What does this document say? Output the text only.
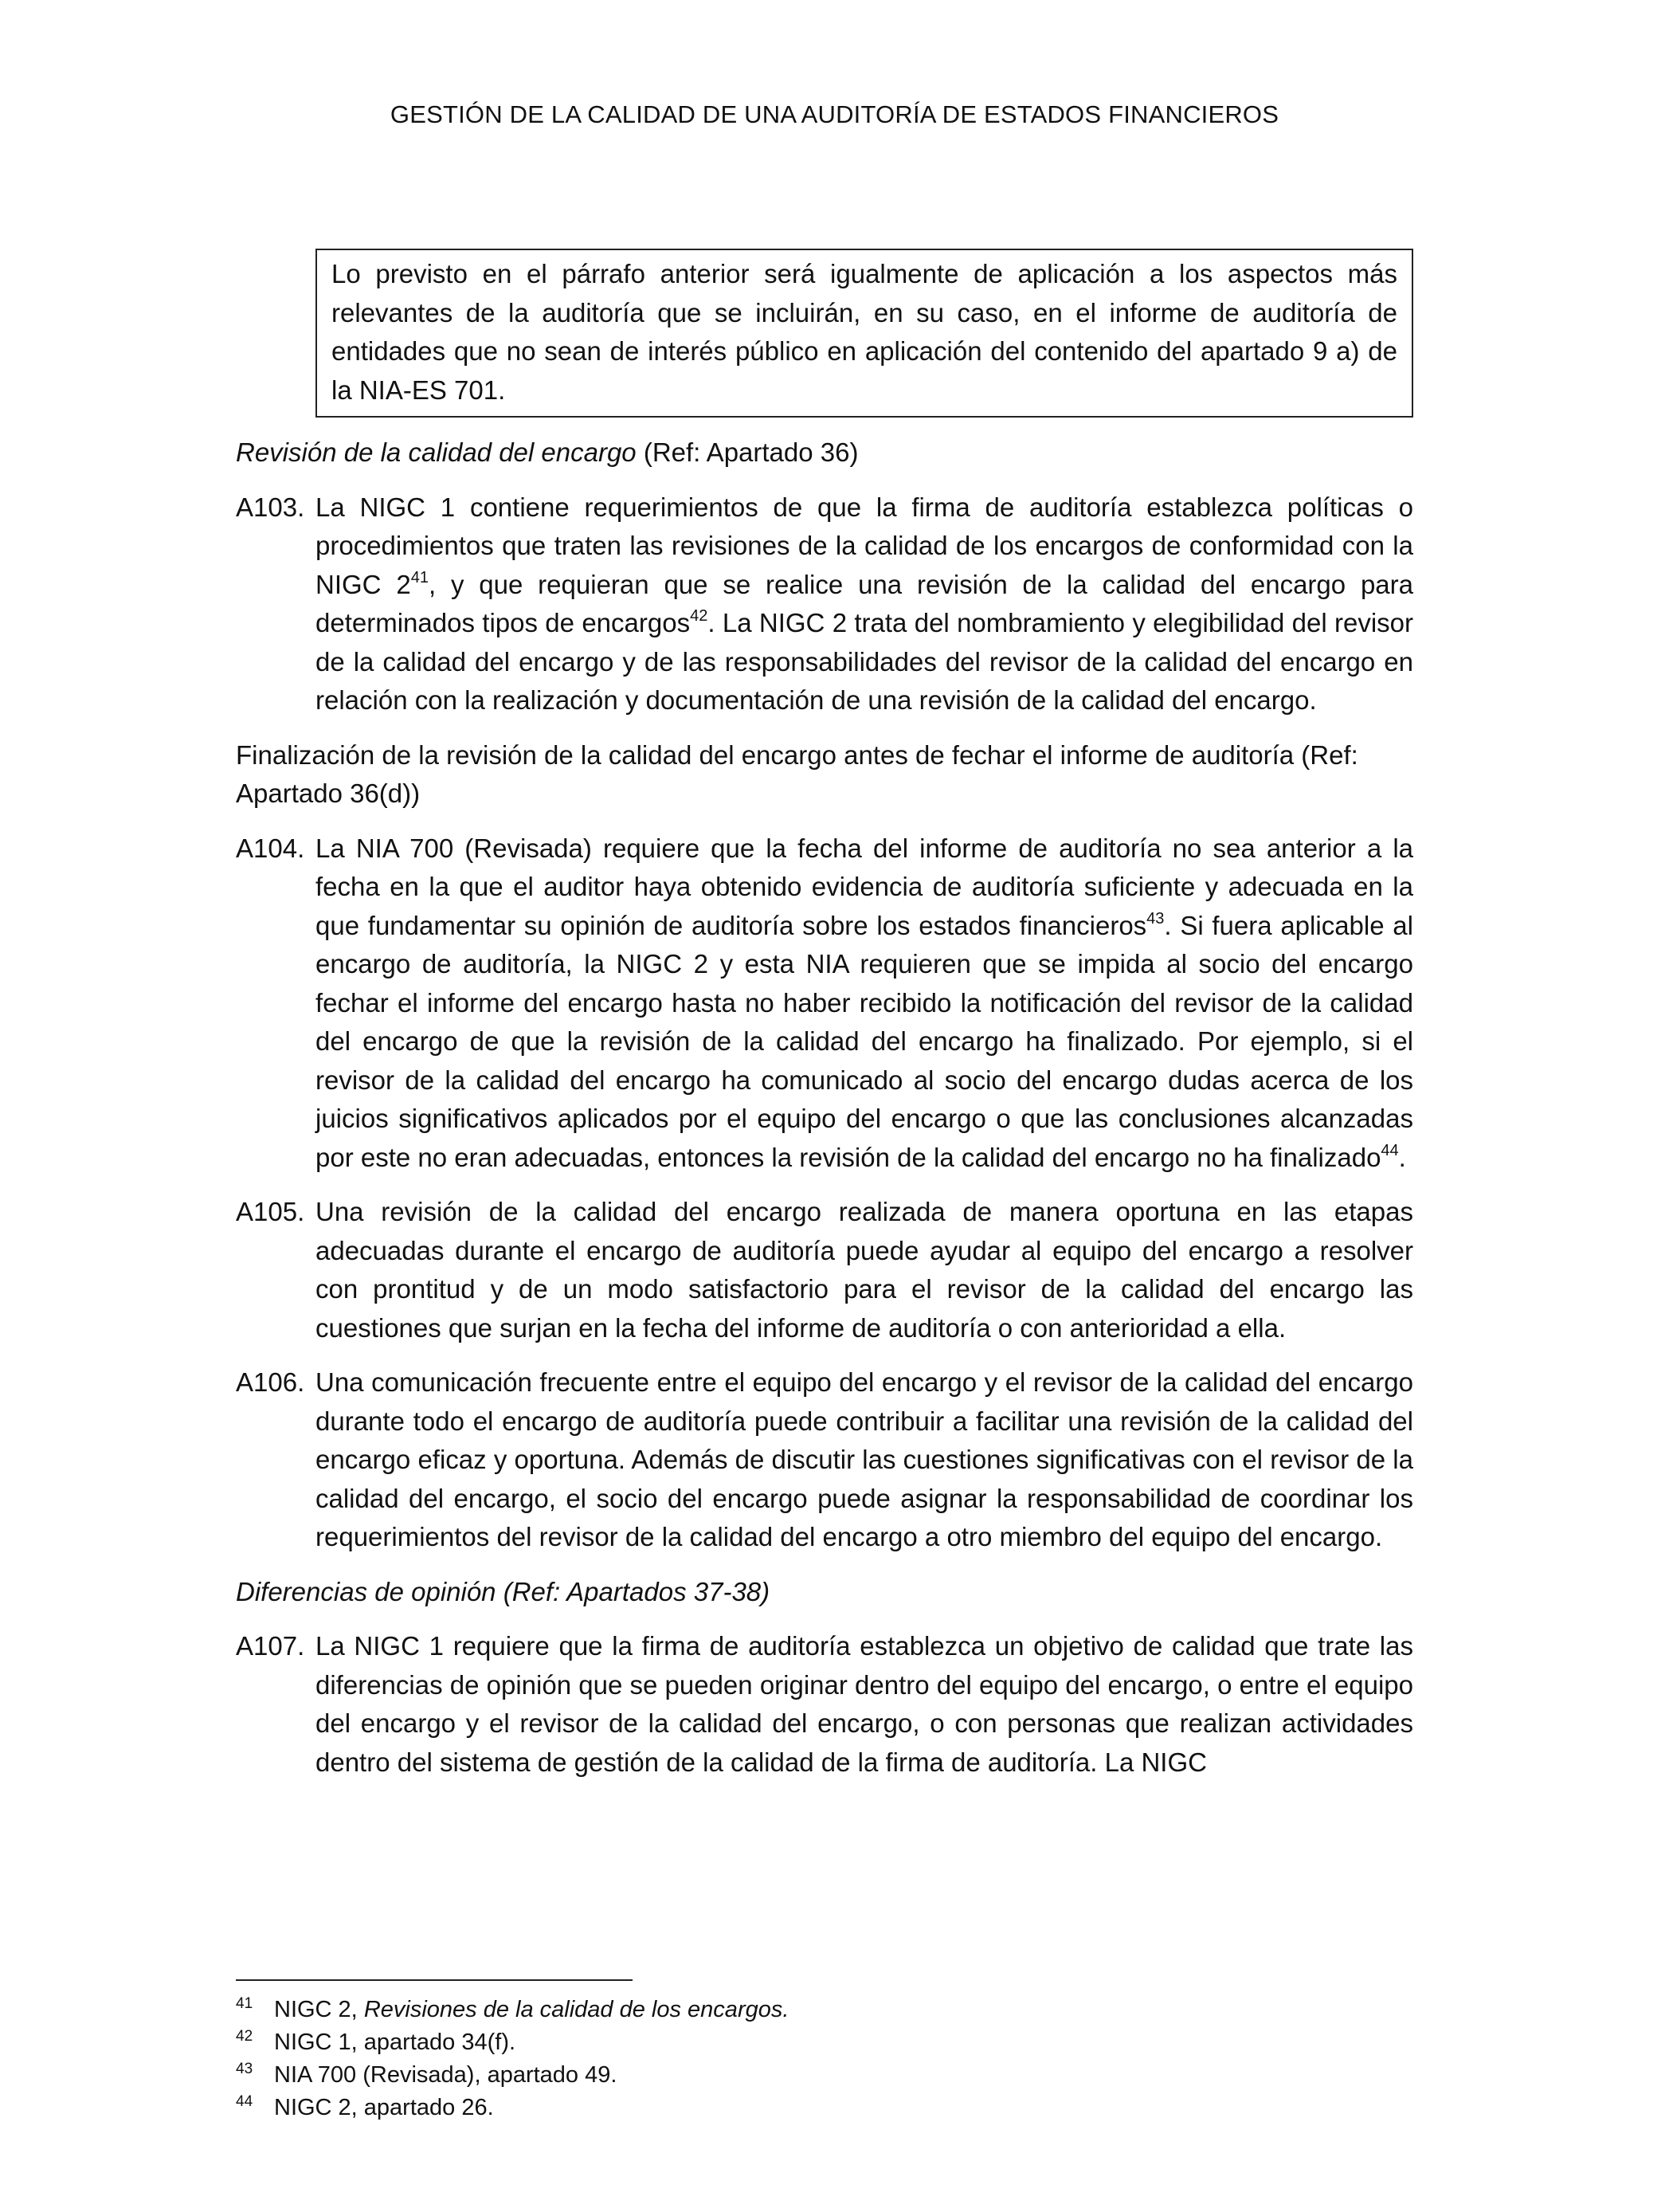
GESTIÓN DE LA CALIDAD DE UNA AUDITORÍA DE ESTADOS FINANCIEROS
Lo previsto en el párrafo anterior será igualmente de aplicación a los aspectos más relevantes de la auditoría que se incluirán, en su caso, en el informe de auditoría de entidades que no sean de interés público en aplicación del contenido del apartado 9 a) de la NIA-ES 701.
Revisión de la calidad del encargo (Ref: Apartado 36)
A103. La NIGC 1 contiene requerimientos de que la firma de auditoría establezca políticas o procedimientos que traten las revisiones de la calidad de los encargos de conformidad con la NIGC 2$^{41}$, y que requieran que se realice una revisión de la calidad del encargo para determinados tipos de encargos$^{42}$. La NIGC 2 trata del nombramiento y elegibilidad del revisor de la calidad del encargo y de las responsabilidades del revisor de la calidad del encargo en relación con la realización y documentación de una revisión de la calidad del encargo.
Finalización de la revisión de la calidad del encargo antes de fechar el informe de auditoría (Ref: Apartado 36(d))
A104. La NIA 700 (Revisada) requiere que la fecha del informe de auditoría no sea anterior a la fecha en la que el auditor haya obtenido evidencia de auditoría suficiente y adecuada en la que fundamentar su opinión de auditoría sobre los estados financieros$^{43}$. Si fuera aplicable al encargo de auditoría, la NIGC 2 y esta NIA requieren que se impida al socio del encargo fechar el informe del encargo hasta no haber recibido la notificación del revisor de la calidad del encargo de que la revisión de la calidad del encargo ha finalizado. Por ejemplo, si el revisor de la calidad del encargo ha comunicado al socio del encargo dudas acerca de los juicios significativos aplicados por el equipo del encargo o que las conclusiones alcanzadas por este no eran adecuadas, entonces la revisión de la calidad del encargo no ha finalizado$^{44}$.
A105. Una revisión de la calidad del encargo realizada de manera oportuna en las etapas adecuadas durante el encargo de auditoría puede ayudar al equipo del encargo a resolver con prontitud y de un modo satisfactorio para el revisor de la calidad del encargo las cuestiones que surjan en la fecha del informe de auditoría o con anterioridad a ella.
A106. Una comunicación frecuente entre el equipo del encargo y el revisor de la calidad del encargo durante todo el encargo de auditoría puede contribuir a facilitar una revisión de la calidad del encargo eficaz y oportuna. Además de discutir las cuestiones significativas con el revisor de la calidad del encargo, el socio del encargo puede asignar la responsabilidad de coordinar los requerimientos del revisor de la calidad del encargo a otro miembro del equipo del encargo.
Diferencias de opinión (Ref: Apartados 37-38)
A107. La NIGC 1 requiere que la firma de auditoría establezca un objetivo de calidad que trate las diferencias de opinión que se pueden originar dentro del equipo del encargo, o entre el equipo del encargo y el revisor de la calidad del encargo, o con personas que realizan actividades dentro del sistema de gestión de la calidad de la firma de auditoría. La NIGC
41 NIGC 2, Revisiones de la calidad de los encargos.
42 NIGC 1, apartado 34(f).
43 NIA 700 (Revisada), apartado 49.
44 NIGC 2, apartado 26.
